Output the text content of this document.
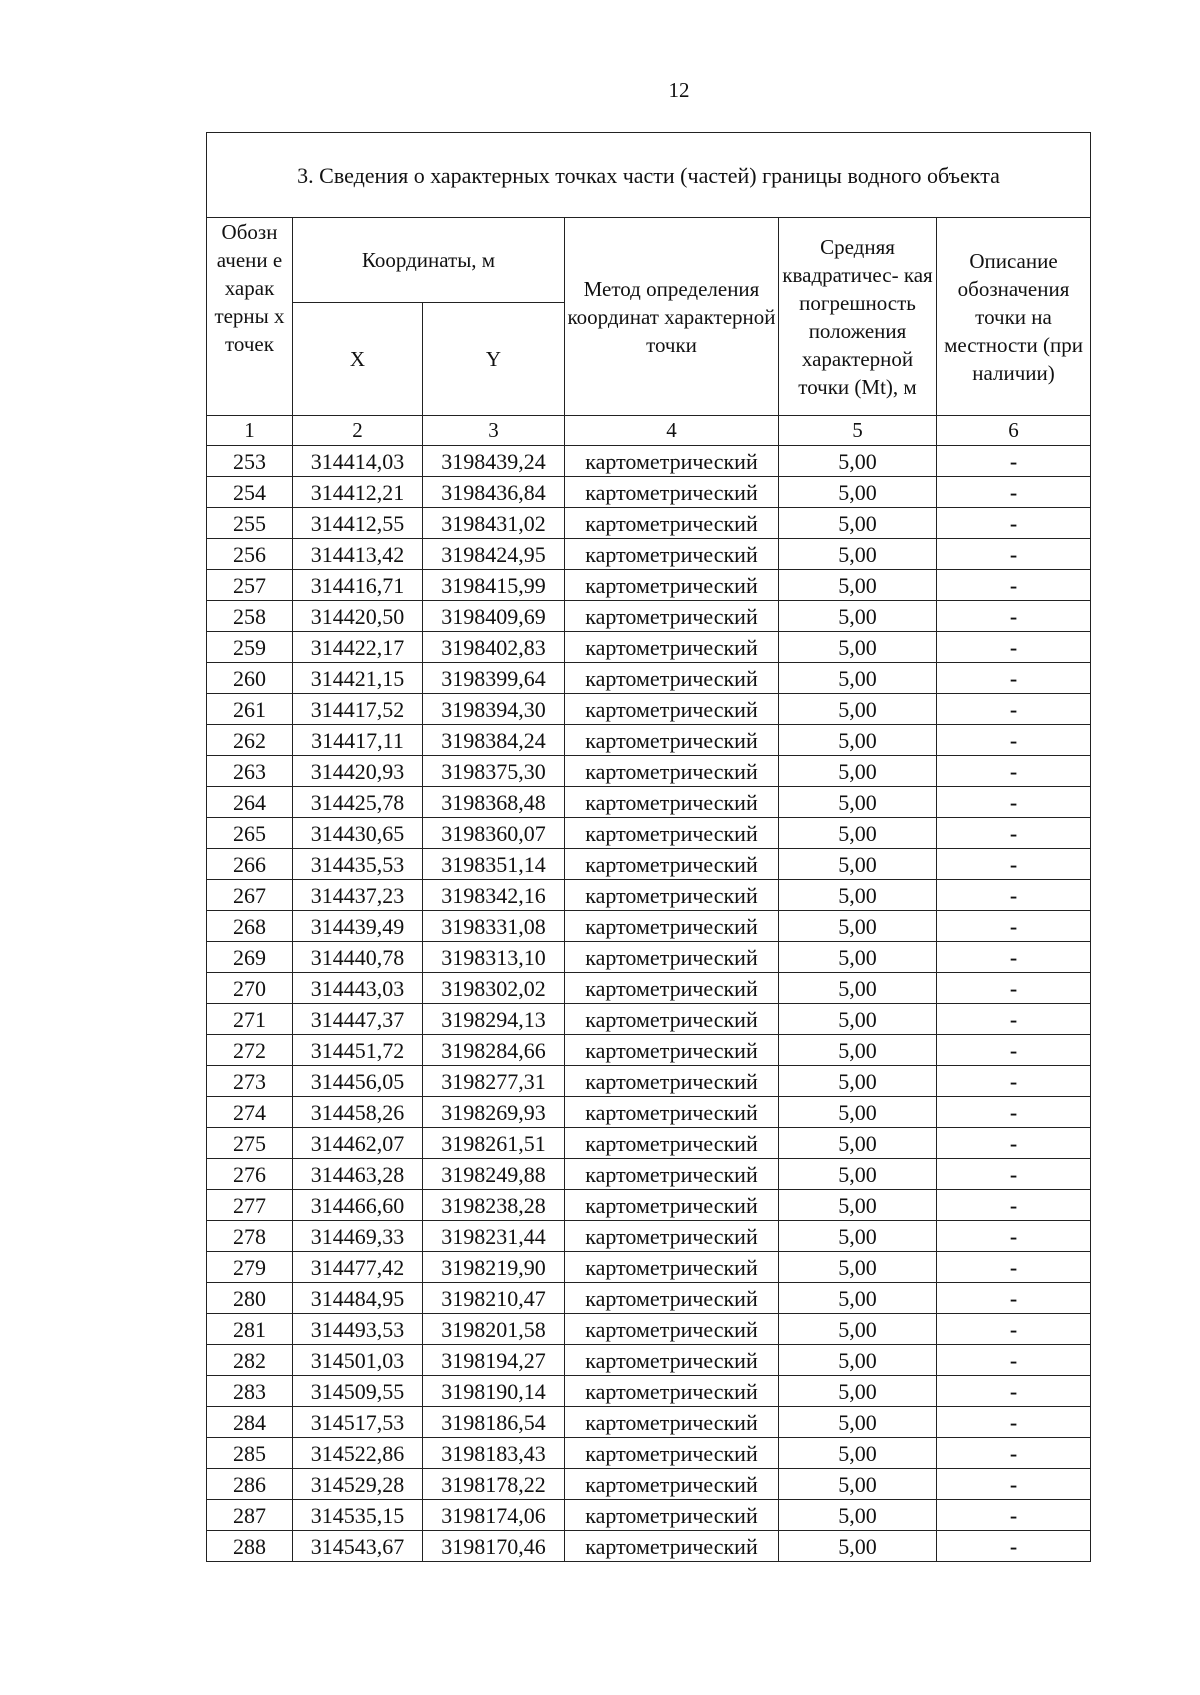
12
3. Сведения о характерных точках части (частей) границы водного объекта					
Обозн ачени е харак терны х точек	Координаты, м		Метод определения координат характерной точки	Средняя квадратичес- кая погрешность положения характерной точки (Mt), м	Описание обозначения точки на местности (при наличии)
	X	Y			
1	2	3	4	5	6
253	314414,03	3198439,24	картометрический	5,00	-
254	314412,21	3198436,84	картометрический	5,00	-
255	314412,55	3198431,02	картометрический	5,00	-
256	314413,42	3198424,95	картометрический	5,00	-
257	314416,71	3198415,99	картометрический	5,00	-
258	314420,50	3198409,69	картометрический	5,00	-
259	314422,17	3198402,83	картометрический	5,00	-
260	314421,15	3198399,64	картометрический	5,00	-
261	314417,52	3198394,30	картометрический	5,00	-
262	314417,11	3198384,24	картометрический	5,00	-
263	314420,93	3198375,30	картометрический	5,00	-
264	314425,78	3198368,48	картометрический	5,00	-
265	314430,65	3198360,07	картометрический	5,00	-
266	314435,53	3198351,14	картометрический	5,00	-
267	314437,23	3198342,16	картометрический	5,00	-
268	314439,49	3198331,08	картометрический	5,00	-
269	314440,78	3198313,10	картометрический	5,00	-
270	314443,03	3198302,02	картометрический	5,00	-
271	314447,37	3198294,13	картометрический	5,00	-
272	314451,72	3198284,66	картометрический	5,00	-
273	314456,05	3198277,31	картометрический	5,00	-
274	314458,26	3198269,93	картометрический	5,00	-
275	314462,07	3198261,51	картометрический	5,00	-
276	314463,28	3198249,88	картометрический	5,00	-
277	314466,60	3198238,28	картометрический	5,00	-
278	314469,33	3198231,44	картометрический	5,00	-
279	314477,42	3198219,90	картометрический	5,00	-
280	314484,95	3198210,47	картометрический	5,00	-
281	314493,53	3198201,58	картометрический	5,00	-
282	314501,03	3198194,27	картометрический	5,00	-
283	314509,55	3198190,14	картометрический	5,00	-
284	314517,53	3198186,54	картометрический	5,00	-
285	314522,86	3198183,43	картометрический	5,00	-
286	314529,28	3198178,22	картометрический	5,00	-
287	314535,15	3198174,06	картометрический	5,00	-
288	314543,67	3198170,46	картометрический	5,00	-
